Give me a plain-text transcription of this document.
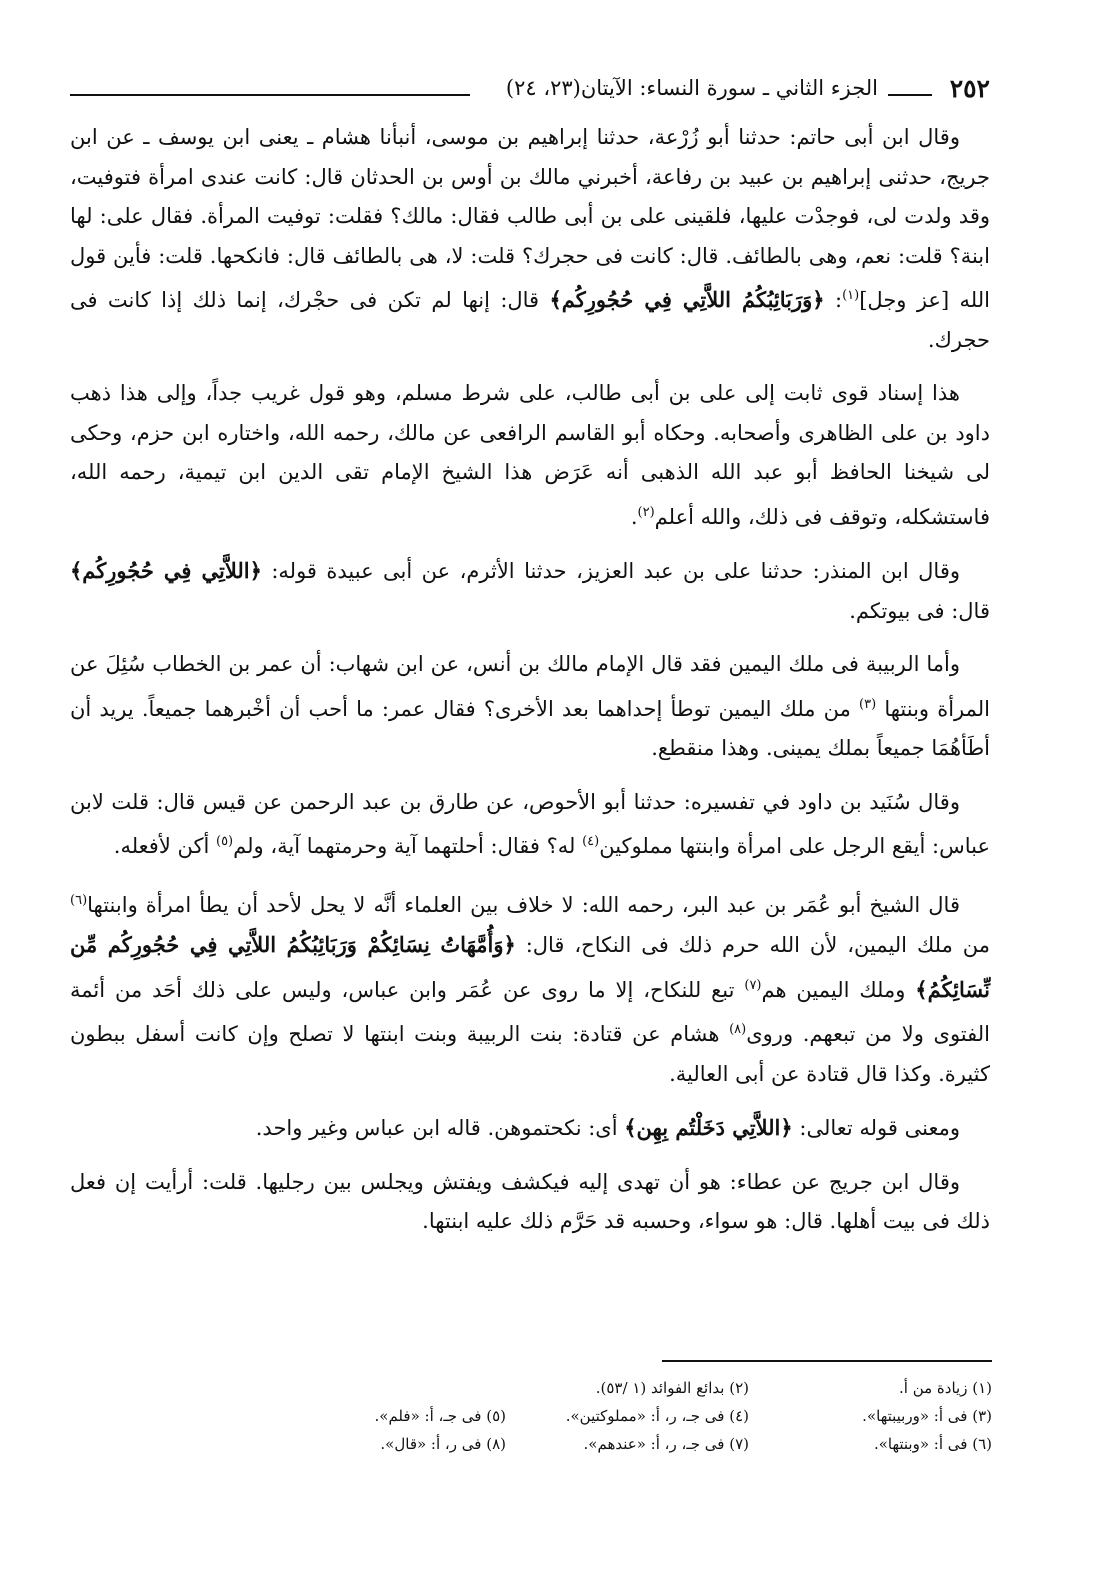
٢٥٢
الجزء الثاني ـ سورة النساء: الآيتان(٢٣، ٢٤)

وقال ابن أبى حاتم: حدثنا أبو زُرْعة، حدثنا إبراهيم بن موسى، أنبأنا هشام ـ يعنى ابن يوسف ـ عن ابن جريج، حدثنى إبراهيم بن عبيد بن رفاعة، أخبرني مالك بن أوس بن الحدثان قال: كانت عندى امرأة فتوفيت، وقد ولدت لى، فوجدْت عليها، فلقينى على بن أبى طالب فقال: مالك؟ فقلت: توفيت المرأة. فقال على: لها ابنة؟ قلت: نعم، وهى بالطائف. قال: كانت فى حجرك؟ قلت: لا، هى بالطائف قال: فانكحها. قلت: فأين قول الله [عز وجل]$^{(١)}$: ﴿وَرَبَائِبُكُمُ اللاَّتِي فِي حُجُورِكُم﴾ قال: إنها لم تكن فى حجْرك، إنما ذلك إذا كانت فى حجرك.

هذا إسناد قوى ثابت إلى على بن أبى طالب، على شرط مسلم، وهو قول غريب جداً، وإلى هذا ذهب داود بن على الظاهرى وأصحابه. وحكاه أبو القاسم الرافعى عن مالك، رحمه الله، واختاره ابن حزم، وحكى لى شيخنا الحافظ أبو عبد الله الذهبى أنه عَرَض هذا الشيخ الإمام تقى الدين ابن تيمية، رحمه الله، فاستشكله، وتوقف فى ذلك، والله أعلم$^{(٢)}$.

وقال ابن المنذر: حدثنا على بن عبد العزيز، حدثنا الأثرم، عن أبى عبيدة قوله: ﴿اللاَّتِي فِي حُجُورِكُم﴾ قال: فى بيوتكم.

وأما الربيبة فى ملك اليمين فقد قال الإمام مالك بن أنس، عن ابن شهاب: أن عمر بن الخطاب سُئِلَ عن المرأة وبنتها $^{(٣)}$ من ملك اليمين توطأ إحداهما بعد الأخرى؟ فقال عمر: ما أحب أن أخْبرهما جميعاً. يريد أن أطَأهُمَا جميعاً بملك يمينى. وهذا منقطع.

وقال سُنَيد بن داود في تفسيره: حدثنا أبو الأحوص، عن طارق بن عبد الرحمن عن قيس قال: قلت لابن عباس: أيقع الرجل على امرأة وابنتها مملوكين$^{(٤)}$ له؟ فقال: أحلتهما آية وحرمتهما آية، ولم$^{(٥)}$ أكن لأفعله.

قال الشيخ أبو عُمَر بن عبد البر، رحمه الله: لا خلاف بين العلماء أنَّه لا يحل لأحد أن يطأ امرأة وابنتها$^{(٦)}$ من ملك اليمين، لأن الله حرم ذلك فى النكاح، قال: ﴿وَأُمَّهَاتُ نِسَائِكُمْ وَرَبَائِبُكُمُ اللاَّتِي فِي حُجُورِكُم مِّن نِّسَائِكُمُ﴾ وملك اليمين هم$^{(٧)}$ تبع للنكاح، إلا ما روى عن عُمَر وابن عباس، وليس على ذلك أحَد من أئمة الفتوى ولا من تبعهم. وروى$^{(٨)}$ هشام عن قتادة: بنت الربيبة وبنت ابنتها لا تصلح وإن كانت أسفل ببطون كثيرة. وكذا قال قتادة عن أبى العالية.

ومعنى قوله تعالى: ﴿اللاَّتِي دَخَلْتُم بِهِن﴾ أى: نكحتموهن. قاله ابن عباس وغير واحد.

وقال ابن جريج عن عطاء: هو أن تهدى إليه فيكشف ويفتش ويجلس بين رجليها. قلت: أرأيت إن فعل ذلك فى بيت أهلها. قال: هو سواء، وحسبه قد حَرَّم ذلك عليه ابنتها.

(١) زيادة من أ.
(٢) بدائع الفوائد (١ /٥٣).
(٣) فى أ: «وربيبتها».
(٤) فى جـ، ر، أ: «مملوكتين».
(٥) فى جـ، أ: «فلم».
(٦) فى أ: «وبنتها».
(٧) فى جـ، ر، أ: «عندهم».
(٨) فى ر، أ: «قال».
